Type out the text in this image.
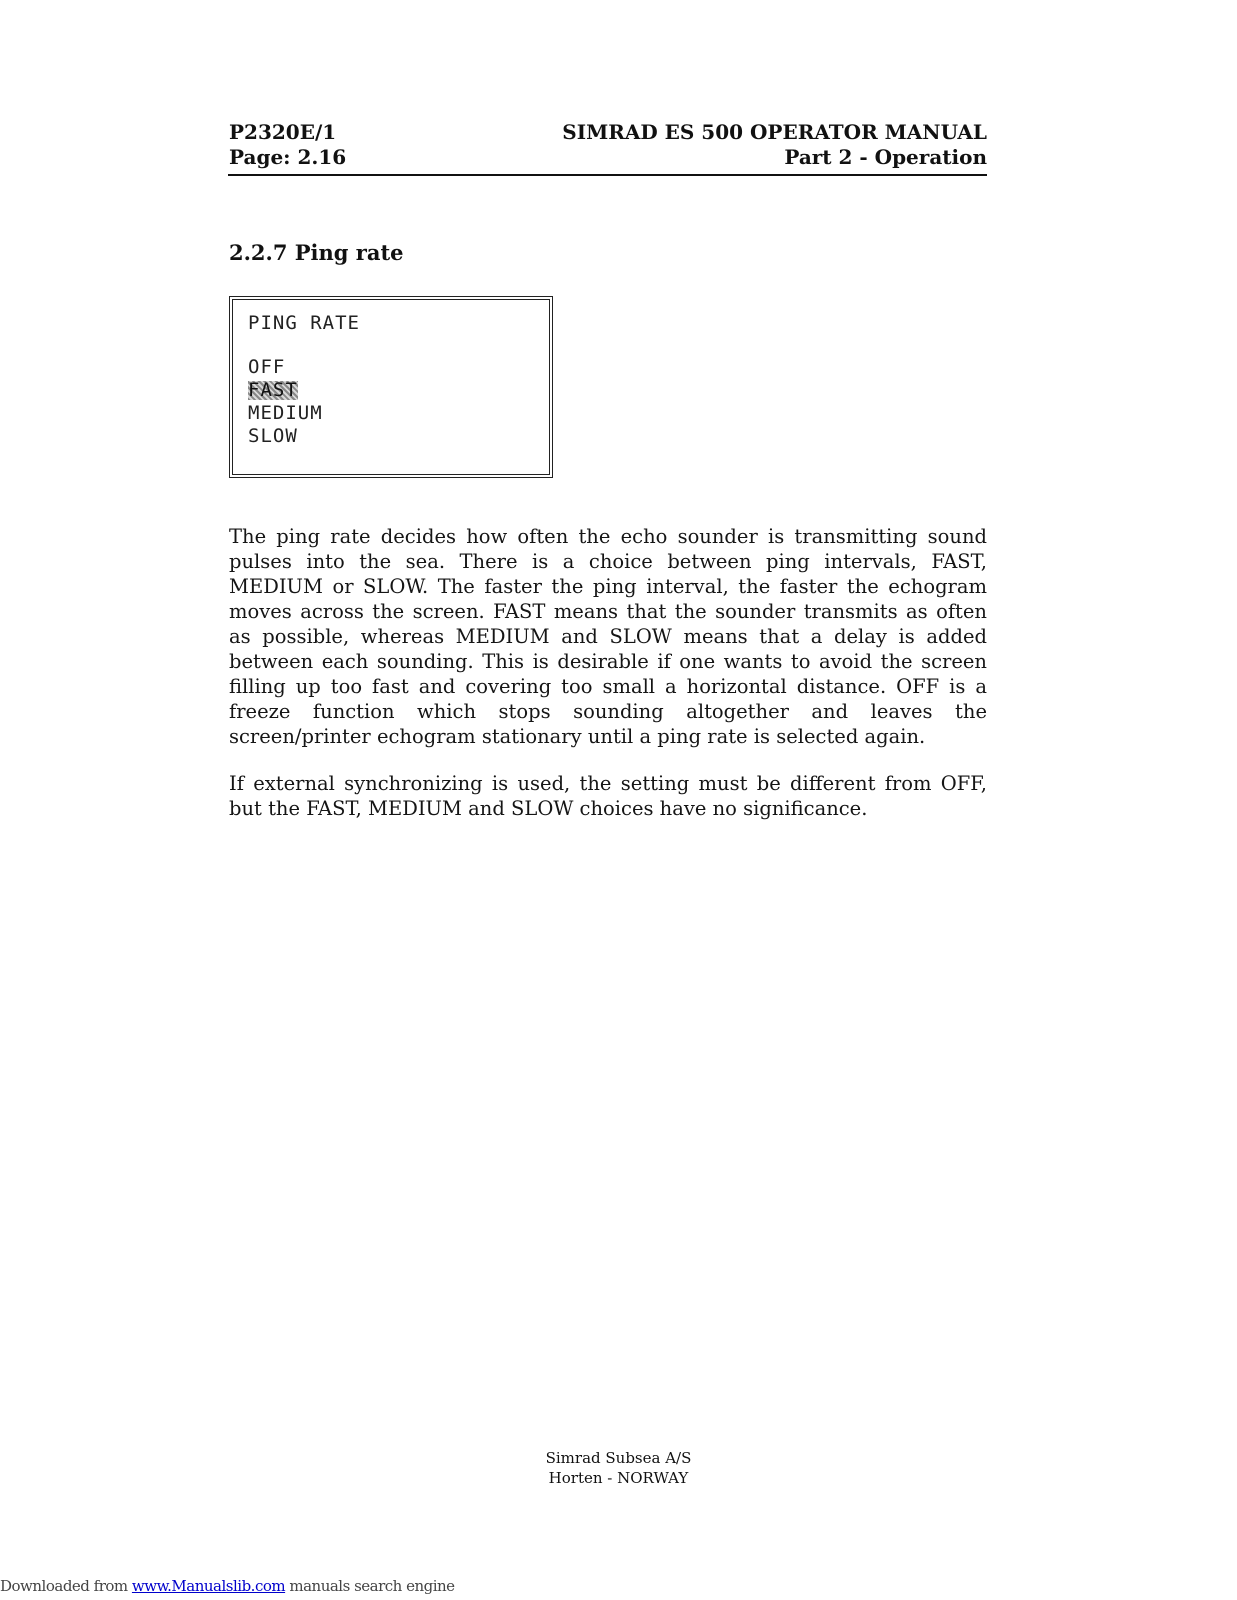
P2320E/1
Page: 2.16
SIMRAD ES 500 OPERATOR MANUAL
Part 2 - Operation
2.2.7 Ping rate
PING RATE
OFF
FAST
MEDIUM
SLOW

The ping rate decides how often the echo sounder is transmitting sound pulses into the sea. There is a choice between ping intervals, FAST, MEDIUM or SLOW. The faster the ping interval, the faster the echogram moves across the screen. FAST means that the sounder transmits as often as possible, whereas MEDIUM and SLOW means that a delay is added between each sounding. This is desirable if one wants to avoid the screen filling up too fast and covering too small a horizontal distance. OFF is a freeze function which stops sounding altogether and leaves the screen/printer echogram stationary until a ping rate is selected again.

If external synchronizing is used, the setting must be different from OFF, but the FAST, MEDIUM and SLOW choices have no significance.

Simrad Subsea A/S
Horten - NORWAY
Downloaded from www.Manualslib.com manuals search engine
